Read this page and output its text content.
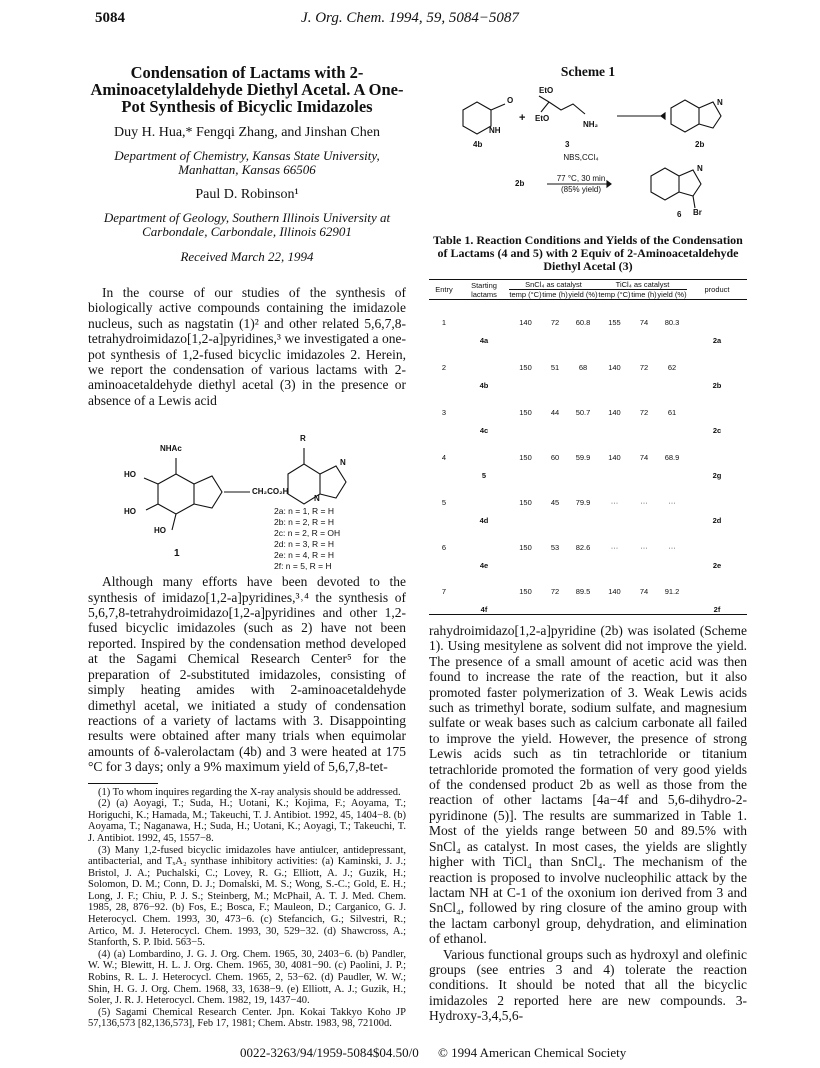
5084	J. Org. Chem. 1994, 59, 5084−5087
Condensation of Lactams with 2-Aminoacetylaldehyde Diethyl Acetal. A One-Pot Synthesis of Bicyclic Imidazoles
Duy H. Hua,* Fengqi Zhang, and Jinshan Chen
Department of Chemistry, Kansas State University, Manhattan, Kansas 66506
Paul D. Robinson¹
Department of Geology, Southern Illinois University at Carbondale, Carbondale, Illinois 62901
Received March 22, 1994

In the course of our studies of the synthesis of biologically active compounds containing the imidazole nucleus, such as nagstatin (1)² and other related 5,6,7,8-tetrahydroimidazo[1,2-a]pyridines,³ we investigated a one-pot synthesis of 1,2-fused bicyclic imidazoles 2. Herein, we report the condensation of various lactams with 2-aminoacetaldehyde diethyl acetal (3) in the presence or absence of a Lewis acid

NHAc
HO
HO
HO
CH₂CO₂H
1
R
N
N
2a: n = 1, R = H
2b: n = 2, R = H
2c: n = 2, R = OH
2d: n = 3, R = H
2e: n = 4, R = H
2f: n = 5, R = H

Although many efforts have been devoted to the synthesis of imidazo[1,2-a]pyridines,³˒⁴ the synthesis of 5,6,7,8-tetrahydroimidazo[1,2-a]pyridines and other 1,2-fused bicyclic imidazoles (such as 2) have not been reported. Inspired by the condensation method developed at the Sagami Chemical Research Center⁵ for the preparation of 2-substituted imidazoles, consisting of simply heating amides with 2-aminoacetaldehyde dimethyl acetal, we initiated a study of condensation reactions of a variety of lactams with 3. Disappointing results were obtained after many trials when equimolar amounts of δ-valerolactam (4b) and 3 were heated at 175 °C for 3 days; only a 9% maximum yield of 5,6,7,8-tet-

(1) To whom inquires regarding the X-ray analysis should be addressed.
(2) (a) Aoyagi, T.; Suda, H.; Uotani, K.; Kojima, F.; Aoyama, T.; Horiguchi, K.; Hamada, M.; Takeuchi, T. J. Antibiot. 1992, 45, 1404−8. (b) Aoyama, T.; Naganawa, H.; Suda, H.; Uotani, K.; Aoyagi, T.; Takeuchi, T. J. Antibiot. 1992, 45, 1557−8.
(3) Many 1,2-fused bicyclic imidazoles have antiulcer, antidepressant, antibacterial, and TₓA₂ synthase inhibitory activities: (a) Kaminski, J. J.; Bristol, J. A.; Puchalski, C.; Lovey, R. G.; Elliott, A. J.; Guzik, H.; Solomon, D. M.; Conn, D. J.; Domalski, M. S.; Wong, S.-C.; Gold, E. H.; Long, J. F.; Chiu, P. J. S.; Steinberg, M.; McPhail, A. T. J. Med. Chem. 1985, 28, 876−92. (b) Fos, E.; Bosca, F.; Mauleon, D.; Carganico, G. J. Heterocycl. Chem. 1993, 30, 473−6. (c) Stefancich, G.; Silvestri, R.; Artico, M. J. Heterocycl. Chem. 1993, 30, 529−32. (d) Shawcross, A.; Stanforth, S. P. Ibid. 563−5.
(4) (a) Lombardino, J. G. J. Org. Chem. 1965, 30, 2403−6. (b) Pandler, W. W.; Blewitt, H. L. J. Org. Chem. 1965, 30, 4081−90. (c) Paolini, J. P.; Robins, R. L. J. Heterocycl. Chem. 1965, 2, 53−62. (d) Paudler, W. W.; Shin, H. G. J. Org. Chem. 1968, 33, 1638−9. (e) Elliott, A. J.; Guzik, H.; Soler, J. R. J. Heterocycl. Chem. 1982, 19, 1437−40.
(5) Sagami Chemical Research Center. Jpn. Kokai Takkyo Koho JP 57,136,573 [82,136,573], Feb 17, 1981; Chem. Abstr. 1983, 98, 72100d.
Scheme 1
O
NH
4b
+
EtO
EtO
NH₂
3
N
2b
2b
NBS,CCl₄
77 °C, 30 min
(85% yield)
N
Br
6
Table 1. Reaction Conditions and Yields of the Condensation of Lactams (4 and 5) with 2 Equiv of 2-Aminoacetaldehyde Diethyl Acetal (3)
Entry	Starting lactams	SnCl₄ as catalyst			TiCl₄ as catalyst			product
		temp (°C)	time (h)	yield (%)	temp (°C)	time (h)	yield (%)	
1	4a	140	72	60.8	155	74	80.3	2a
2	4b	150	51	68	140	72	62	2b
3	4c	150	44	50.7	140	72	61	2c
4	5	150	60	59.9	140	74	68.9	2g
5	4d	150	45	79.9	···	···	···	2d
6	4e	150	53	82.6	···	···	···	2e
7	4f	150	72	89.5	140	74	91.2	2f

rahydroimidazo[1,2-a]pyridine (2b) was isolated (Scheme 1). Using mesitylene as solvent did not improve the yield. The presence of a small amount of acetic acid was then found to increase the rate of the reaction, but it also promoted faster polymerization of 3. Weak Lewis acids such as trimethyl borate, sodium sulfate, and magnesium sulfate or weak bases such as calcium carbonate all failed to improve the yield. However, the presence of strong Lewis acids such as tin tetrachloride or titanium tetrachloride promoted the formation of very good yields of the condensed product 2b as well as those from the reaction of other lactams [4a−4f and 5,6-dihydro-2-pyridinone (5)]. The results are summarized in Table 1. Most of the yields range between 50 and 89.5% with SnCl₄ as catalyst. In most cases, the yields are slightly higher with TiCl₄ than SnCl₄. The mechanism of the reaction is proposed to involve nucleophilic attack by the lactam NH at C-1 of the oxonium ion derived from 3 and SnCl₄, followed by ring closure of the amino group with the lactam carbonyl group, dehydration, and elimination of ethanol.

Various functional groups such as hydroxyl and olefinic groups (see entries 3 and 4) tolerate the reaction conditions. It should be noted that all the bicyclic imidazoles 2 reported here are new compounds. 3-Hydroxy-3,4,5,6-

0022-3263/94/1959-5084$04.50/0 © 1994 American Chemical Society
